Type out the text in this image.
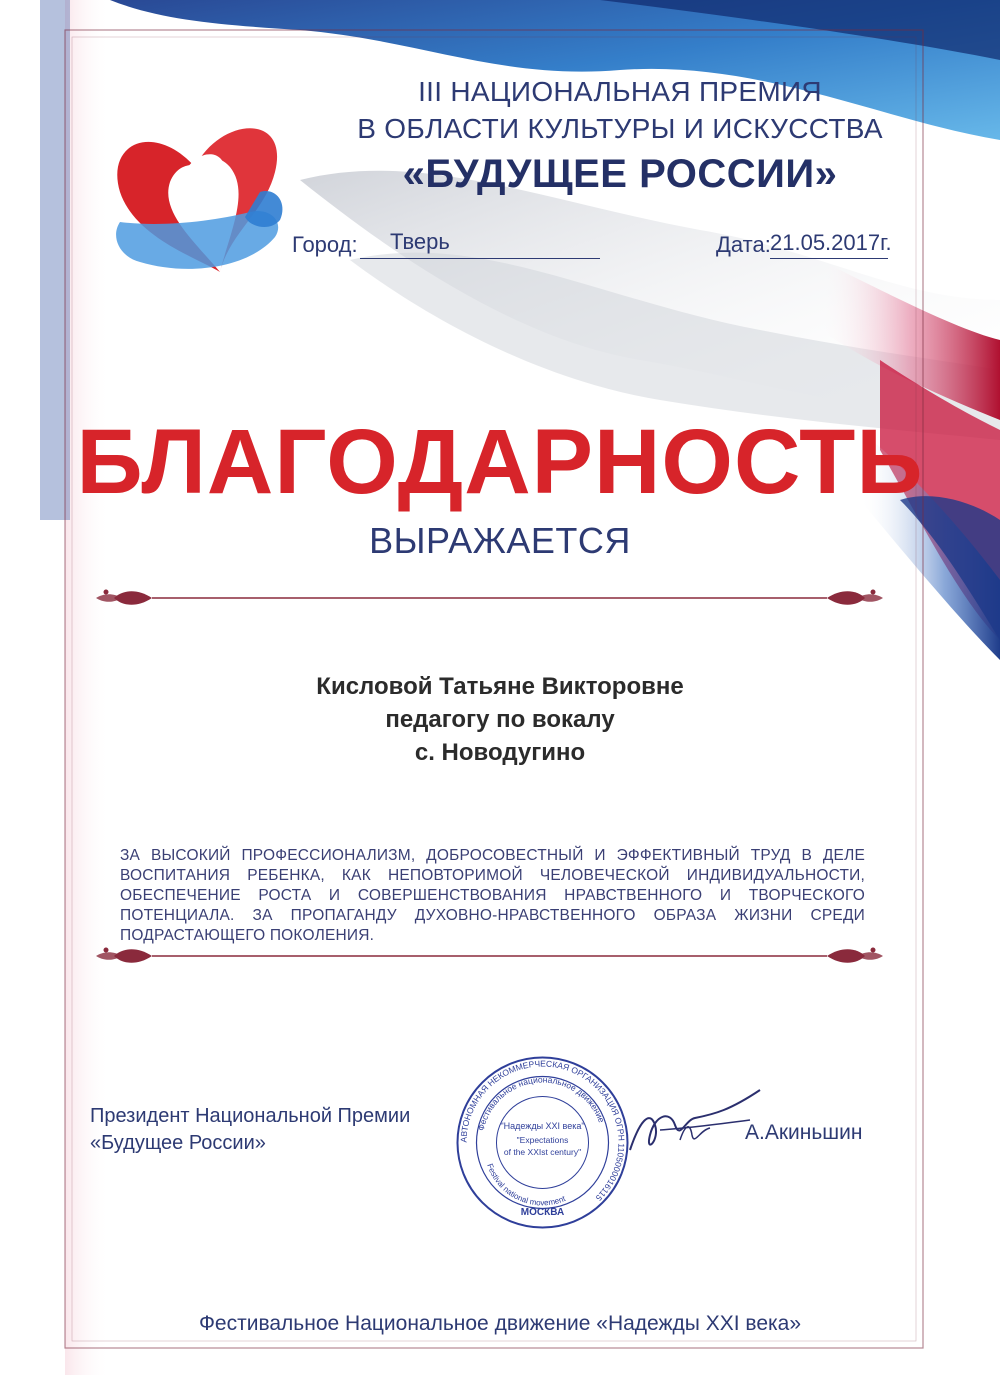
III НАЦИОНАЛЬНАЯ ПРЕМИЯ
В ОБЛАСТИ КУЛЬТУРЫ И ИСКУССТВА
«БУДУЩЕЕ РОССИИ»
Город: Тверь	Дата: 21.05.2017г.
БЛАГОДАРНОСТЬ
ВЫРАЖАЕТСЯ
Кисловой Татьяне Викторовне
педагогу по вокалу
с. Новодугино
ЗА ВЫСОКИЙ ПРОФЕССИОНАЛИЗМ, ДОБРОСОВЕСТНЫЙ И ЭФФЕКТИВНЫЙ ТРУД В ДЕЛЕ ВОСПИТАНИЯ РЕБЕНКА, КАК НЕПОВТОРИМОЙ ЧЕЛОВЕЧЕСКОЙ ИНДИВИДУАЛЬНОСТИ, ОБЕСПЕЧЕНИЕ РОСТА И СОВЕРШЕНСТВОВАНИЯ НРАВСТВЕННОГО И ТВОРЧЕСКОГО ПОТЕНЦИАЛА. ЗА ПРОПАГАНДУ ДУХОВНО-НРАВСТВЕННОГО ОБРАЗА ЖИЗНИ СРЕДИ ПОДРАСТАЮЩЕГО ПОКОЛЕНИЯ.
Президент Национальной Премии
«Будущее России»	АВТОНОМНАЯ НЕКОММЕРЧЕСКАЯ ОРГАНИЗАЦИЯ ОГРН 1105000016115
Фестивальное национальное движение
"Надежды XXI века"
"Expectations
of the XXIst century"
Festival national movement
МОСКВА
А.Акиньшин
Фестивальное Национальное движение «Надежды XXI века»
